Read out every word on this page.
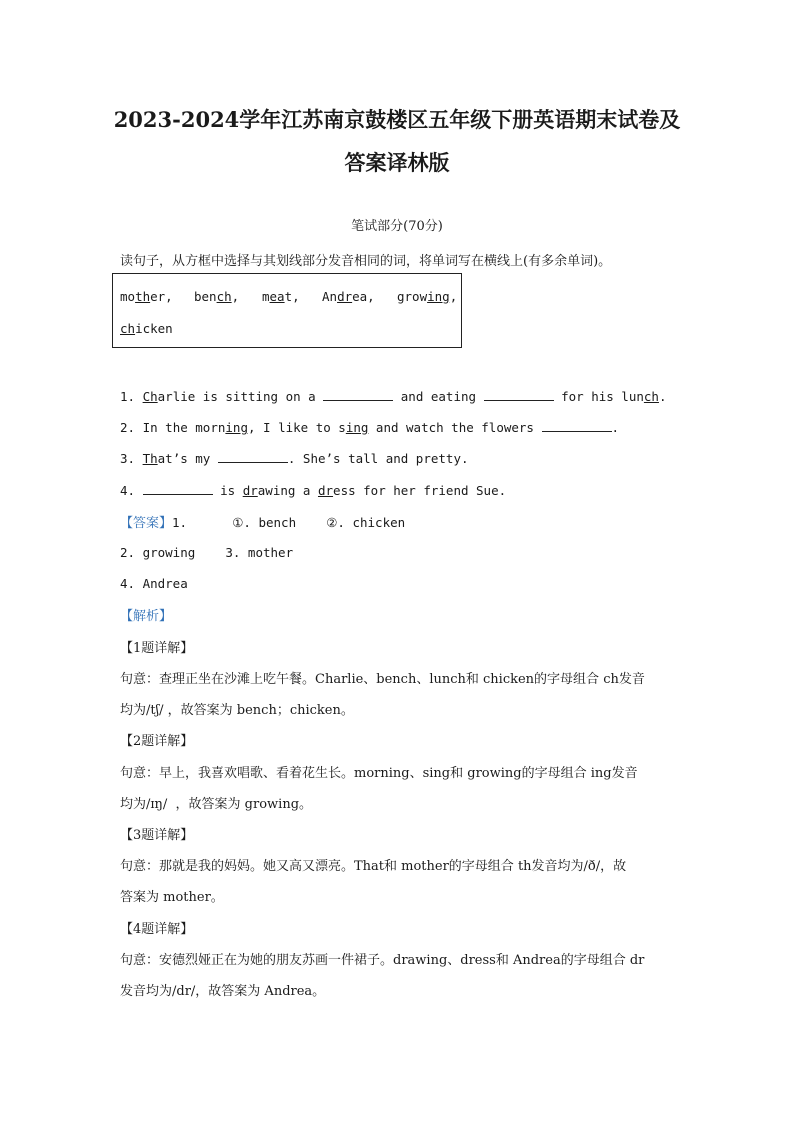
2023-2024学年江苏南京鼓楼区五年级下册英语期末试卷及
答案译林版
笔试部分(70分)
读句子，从方框中选择与其划线部分发音相同的词，将单词写在横线上(有多余单词)。
mother, bench, meat, Andrea, growing,
chicken
1. Charlie is sitting on a	and eating	for his lunch.
2. In the morning, I like to sing and watch the flowers	.
3. That’s my	. She’s tall and pretty.
4.	is drawing a dress for her friend Sue.
【答案】1.      ①. bench    ②. chicken
2. growing    3. mother
4. Andrea
【解析】
【1题详解】
句意：查理正坐在沙滩上吃午餐。Charlie、bench、lunch和 chicken的字母组合 ch发音
均为/tʃ/ ，故答案为 bench；chicken。
【2题详解】
句意：早上，我喜欢唱歌、看着花生长。morning、sing和 growing的字母组合 ing发音
均为/ɪŋ/  ，故答案为 growing。
【3题详解】
句意：那就是我的妈妈。她又高又漂亮。That和 mother的字母组合 th发音均为/ð/，故
答案为 mother。
【4题详解】
句意：安德烈娅正在为她的朋友苏画一件裙子。drawing、dress和 Andrea的字母组合 dr
发音均为/dr/，故答案为 Andrea。
